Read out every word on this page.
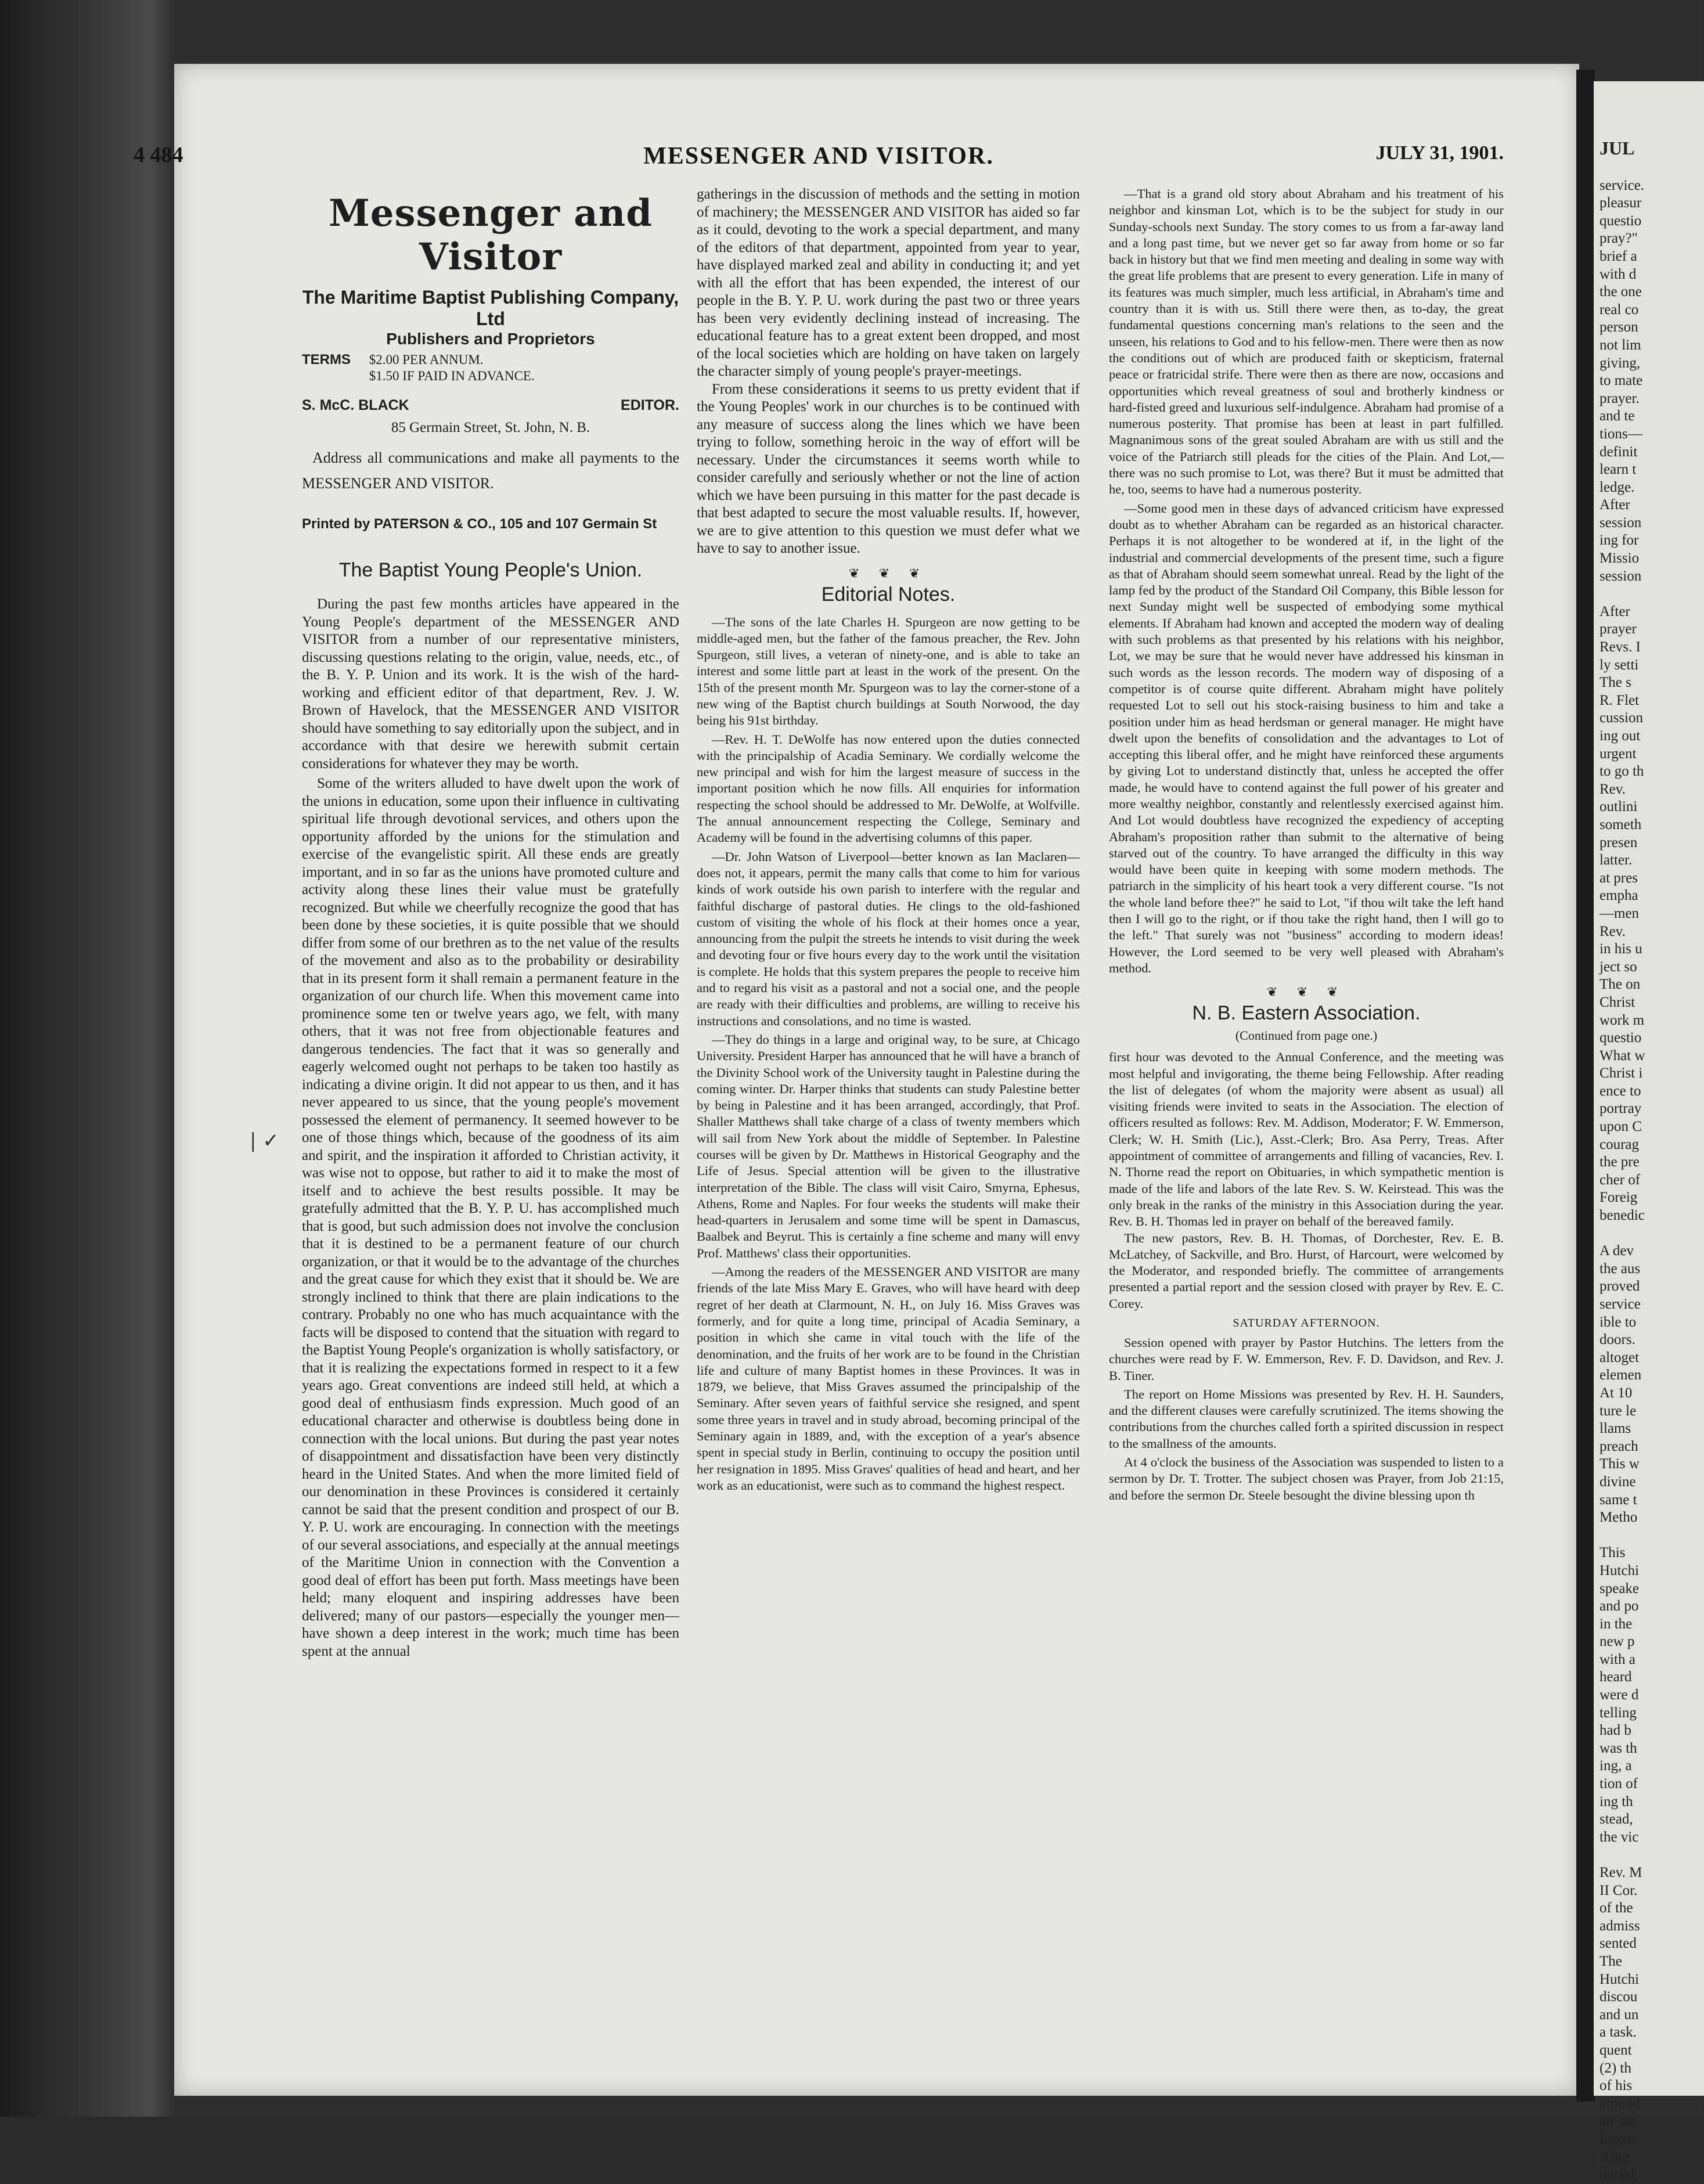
JUL
service.
pleasur
questio
pray?"
brief a
with d
the one
real co
person
not lim
giving,
to mate
prayer.
and te
tions—
definit
learn t
ledge.
After
session
ing for
Missio
session

After
prayer
Revs. I
ly setti
The s
R. Flet
cussion
ing out
urgent
to go th
Rev.
outlini
someth
presen
latter.
at pres
empha
—men
Rev.
in his u
ject so
The on
Christ
work m
questio
What w
Christ i
ence to
portray
upon C
courag
the pre
cher of
Foreig
benedic

A dev
the aus
proved
service
ible to
doors.
altoget
elemen
At 10
ture le
llams
preach
This w
divine
same t
Metho

This
Hutchi
speake
and po
in the
new p
with a
heard
were d
telling
had b
was th
ing, a
tion of
ing th
stead,
the vic

Rev. M
II Cor.
of the
admiss
sented
The
Hutchi
discou
and un
a task.
quent
(2) th
of his
around
air me
listene
After
duced,
4 484	MESSENGER AND VISITOR.	JULY 31, 1901.
| ✓
Messenger and Visitor
The Maritime Baptist Publishing Company, Ltd
Publishers and Proprietors
TERMS $2.00 PER ANNUM.
$1.50 IF PAID IN ADVANCE.
S. McC. BLACK	EDITOR.
85 Germain Street, St. John, N. B.
Address all communications and make all payments to the MESSENGER AND VISITOR.
Printed by PATERSON & CO., 105 and 107 Germain St
The Baptist Young People's Union.

During the past few months articles have appeared in the Young People's department of the MESSENGER AND VISITOR from a number of our representative ministers, discussing questions relating to the origin, value, needs, etc., of the B. Y. P. Union and its work. It is the wish of the hard-working and efficient editor of that department, Rev. J. W. Brown of Havelock, that the MESSENGER AND VISITOR should have something to say editorially upon the subject, and in accordance with that desire we herewith submit certain considerations for whatever they may be worth.

Some of the writers alluded to have dwelt upon the work of the unions in education, some upon their influence in cultivating spiritual life through devotional services, and others upon the opportunity afforded by the unions for the stimulation and exercise of the evangelistic spirit. All these ends are greatly important, and in so far as the unions have promoted culture and activity along these lines their value must be gratefully recognized. But while we cheerfully recognize the good that has been done by these societies, it is quite possible that we should differ from some of our brethren as to the net value of the results of the movement and also as to the probability or desirability that in its present form it shall remain a permanent feature in the organization of our church life. When this movement came into prominence some ten or twelve years ago, we felt, with many others, that it was not free from objectionable features and dangerous tendencies. The fact that it was so generally and eagerly welcomed ought not perhaps to be taken too hastily as indicating a divine origin. It did not appear to us then, and it has never appeared to us since, that the young people's movement possessed the element of permanency. It seemed however to be one of those things which, because of the goodness of its aim and spirit, and the inspiration it afforded to Christian activity, it was wise not to oppose, but rather to aid it to make the most of itself and to achieve the best results possible. It may be gratefully admitted that the B. Y. P. U. has accomplished much that is good, but such admission does not involve the conclusion that it is destined to be a permanent feature of our church organization, or that it would be to the advantage of the churches and the great cause for which they exist that it should be. We are strongly inclined to think that there are plain indications to the contrary. Probably no one who has much acquaintance with the facts will be disposed to contend that the situation with regard to the Baptist Young People's organization is wholly satisfactory, or that it is realizing the expectations formed in respect to it a few years ago. Great conventions are indeed still held, at which a good deal of enthusiasm finds expression. Much good of an educational character and otherwise is doubtless being done in connection with the local unions. But during the past year notes of disappointment and dissatisfaction have been very distinctly heard in the United States. And when the more limited field of our denomination in these Provinces is considered it certainly cannot be said that the present condition and prospect of our B. Y. P. U. work are encouraging. In connection with the meetings of our several associations, and especially at the annual meetings of the Maritime Union in connection with the Convention a good deal of effort has been put forth. Mass meetings have been held; many eloquent and inspiring addresses have been delivered; many of our pastors—especially the younger men—have shown a deep interest in the work; much time has been spent at the annual

gatherings in the discussion of methods and the setting in motion of machinery; the MESSENGER AND VISITOR has aided so far as it could, devoting to the work a special department, and many of the editors of that department, appointed from year to year, have displayed marked zeal and ability in conducting it; and yet with all the effort that has been expended, the interest of our people in the B. Y. P. U. work during the past two or three years has been very evidently declining instead of increasing. The educational feature has to a great extent been dropped, and most of the local societies which are holding on have taken on largely the character simply of young people's prayer-meetings.

From these considerations it seems to us pretty evident that if the Young Peoples' work in our churches is to be continued with any measure of success along the lines which we have been trying to follow, something heroic in the way of effort will be necessary. Under the circumstances it seems worth while to consider carefully and seriously whether or not the line of action which we have been pursuing in this matter for the past decade is that best adapted to secure the most valuable results. If, however, we are to give attention to this question we must defer what we have to say to another issue.

❦ ❦ ❦
Editorial Notes.

—The sons of the late Charles H. Spurgeon are now getting to be middle-aged men, but the father of the famous preacher, the Rev. John Spurgeon, still lives, a veteran of ninety-one, and is able to take an interest and some little part at least in the work of the present. On the 15th of the present month Mr. Spurgeon was to lay the corner-stone of a new wing of the Baptist church buildings at South Norwood, the day being his 91st birthday.

—Rev. H. T. DeWolfe has now entered upon the duties connected with the principalship of Acadia Seminary. We cordially welcome the new principal and wish for him the largest measure of success in the important position which he now fills. All enquiries for information respecting the school should be addressed to Mr. DeWolfe, at Wolfville. The annual announcement respecting the College, Seminary and Academy will be found in the advertising columns of this paper.

—Dr. John Watson of Liverpool—better known as Ian Maclaren—does not, it appears, permit the many calls that come to him for various kinds of work outside his own parish to interfere with the regular and faithful discharge of pastoral duties. He clings to the old-fashioned custom of visiting the whole of his flock at their homes once a year, announcing from the pulpit the streets he intends to visit during the week and devoting four or five hours every day to the work until the visitation is complete. He holds that this system prepares the people to receive him and to regard his visit as a pastoral and not a social one, and the people are ready with their difficulties and problems, are willing to receive his instructions and consolations, and no time is wasted.

—They do things in a large and original way, to be sure, at Chicago University. President Harper has announced that he will have a branch of the Divinity School work of the University taught in Palestine during the coming winter. Dr. Harper thinks that students can study Palestine better by being in Palestine and it has been arranged, accordingly, that Prof. Shaller Matthews shall take charge of a class of twenty members which will sail from New York about the middle of September. In Palestine courses will be given by Dr. Matthews in Historical Geography and the Life of Jesus. Special attention will be given to the illustrative interpretation of the Bible. The class will visit Cairo, Smyrna, Ephesus, Athens, Rome and Naples. For four weeks the students will make their head-quarters in Jerusalem and some time will be spent in Damascus, Baalbek and Beyrut. This is certainly a fine scheme and many will envy Prof. Matthews' class their opportunities.

—Among the readers of the MESSENGER AND VISITOR are many friends of the late Miss Mary E. Graves, who will have heard with deep regret of her death at Clarmount, N. H., on July 16. Miss Graves was formerly, and for quite a long time, principal of Acadia Seminary, a position in which she came in vital touch with the life of the denomination, and the fruits of her work are to be found in the Christian life and culture of many Baptist homes in these Provinces. It was in 1879, we believe, that Miss Graves assumed the principalship of the Seminary. After seven years of faithful service she resigned, and spent some three years in travel and in study abroad, becoming principal of the Seminary again in 1889, and, with the exception of a year's absence spent in special study in Berlin, continuing to occupy the position until her resignation in 1895. Miss Graves' qualities of head and heart, and her work as an educationist, were such as to command the highest respect.

—That is a grand old story about Abraham and his treatment of his neighbor and kinsman Lot, which is to be the subject for study in our Sunday-schools next Sunday. The story comes to us from a far-away land and a long past time, but we never get so far away from home or so far back in history but that we find men meeting and dealing in some way with the great life problems that are present to every generation. Life in many of its features was much simpler, much less artificial, in Abraham's time and country than it is with us. Still there were then, as to-day, the great fundamental questions concerning man's relations to the seen and the unseen, his relations to God and to his fellow-men. There were then as now the conditions out of which are produced faith or skepticism, fraternal peace or fratricidal strife. There were then as there are now, occasions and opportunities which reveal greatness of soul and brotherly kindness or hard-fisted greed and luxurious self-indulgence. Abraham had promise of a numerous posterity. That promise has been at least in part fulfilled. Magnanimous sons of the great souled Abraham are with us still and the voice of the Patriarch still pleads for the cities of the Plain. And Lot,—there was no such promise to Lot, was there? But it must be admitted that he, too, seems to have had a numerous posterity.

—Some good men in these days of advanced criticism have expressed doubt as to whether Abraham can be regarded as an historical character. Perhaps it is not altogether to be wondered at if, in the light of the industrial and commercial developments of the present time, such a figure as that of Abraham should seem somewhat unreal. Read by the light of the lamp fed by the product of the Standard Oil Company, this Bible lesson for next Sunday might well be suspected of embodying some mythical elements. If Abraham had known and accepted the modern way of dealing with such problems as that presented by his relations with his neighbor, Lot, we may be sure that he would never have addressed his kinsman in such words as the lesson records. The modern way of disposing of a competitor is of course quite different. Abraham might have politely requested Lot to sell out his stock-raising business to him and take a position under him as head herdsman or general manager. He might have dwelt upon the benefits of consolidation and the advantages to Lot of accepting this liberal offer, and he might have reinforced these arguments by giving Lot to understand distinctly that, unless he accepted the offer made, he would have to contend against the full power of his greater and more wealthy neighbor, constantly and relentlessly exercised against him. And Lot would doubtless have recognized the expediency of accepting Abraham's proposition rather than submit to the alternative of being starved out of the country. To have arranged the difficulty in this way would have been quite in keeping with some modern methods. The patriarch in the simplicity of his heart took a very different course. "Is not the whole land before thee?" he said to Lot, "if thou wilt take the left hand then I will go to the right, or if thou take the right hand, then I will go to the left." That surely was not "business" according to modern ideas! However, the Lord seemed to be very well pleased with Abraham's method.

❦ ❦ ❦
N. B. Eastern Association.
(Continued from page one.)

first hour was devoted to the Annual Conference, and the meeting was most helpful and invigorating, the theme being Fellowship. After reading the list of delegates (of whom the majority were absent as usual) all visiting friends were invited to seats in the Association. The election of officers resulted as follows: Rev. M. Addison, Moderator; F. W. Emmerson, Clerk; W. H. Smith (Lic.), Asst.-Clerk; Bro. Asa Perry, Treas. After appointment of committee of arrangements and filling of vacancies, Rev. I. N. Thorne read the report on Obituaries, in which sympathetic mention is made of the life and labors of the late Rev. S. W. Keirstead. This was the only break in the ranks of the ministry in this Association during the year. Rev. B. H. Thomas led in prayer on behalf of the bereaved family.

The new pastors, Rev. B. H. Thomas, of Dorchester, Rev. E. B. McLatchey, of Sackville, and Bro. Hurst, of Harcourt, were welcomed by the Moderator, and responded briefly. The committee of arrangements presented a partial report and the session closed with prayer by Rev. E. C. Corey.

SATURDAY AFTERNOON.

Session opened with prayer by Pastor Hutchins. The letters from the churches were read by F. W. Emmerson, Rev. F. D. Davidson, and Rev. J. B. Tiner.

The report on Home Missions was presented by Rev. H. H. Saunders, and the different clauses were carefully scrutinized. The items showing the contributions from the churches called forth a spirited discussion in respect to the smallness of the amounts.

At 4 o'clock the business of the Association was suspended to listen to a sermon by Dr. T. Trotter. The subject chosen was Prayer, from Job 21:15, and before the sermon Dr. Steele besought the divine blessing upon th
